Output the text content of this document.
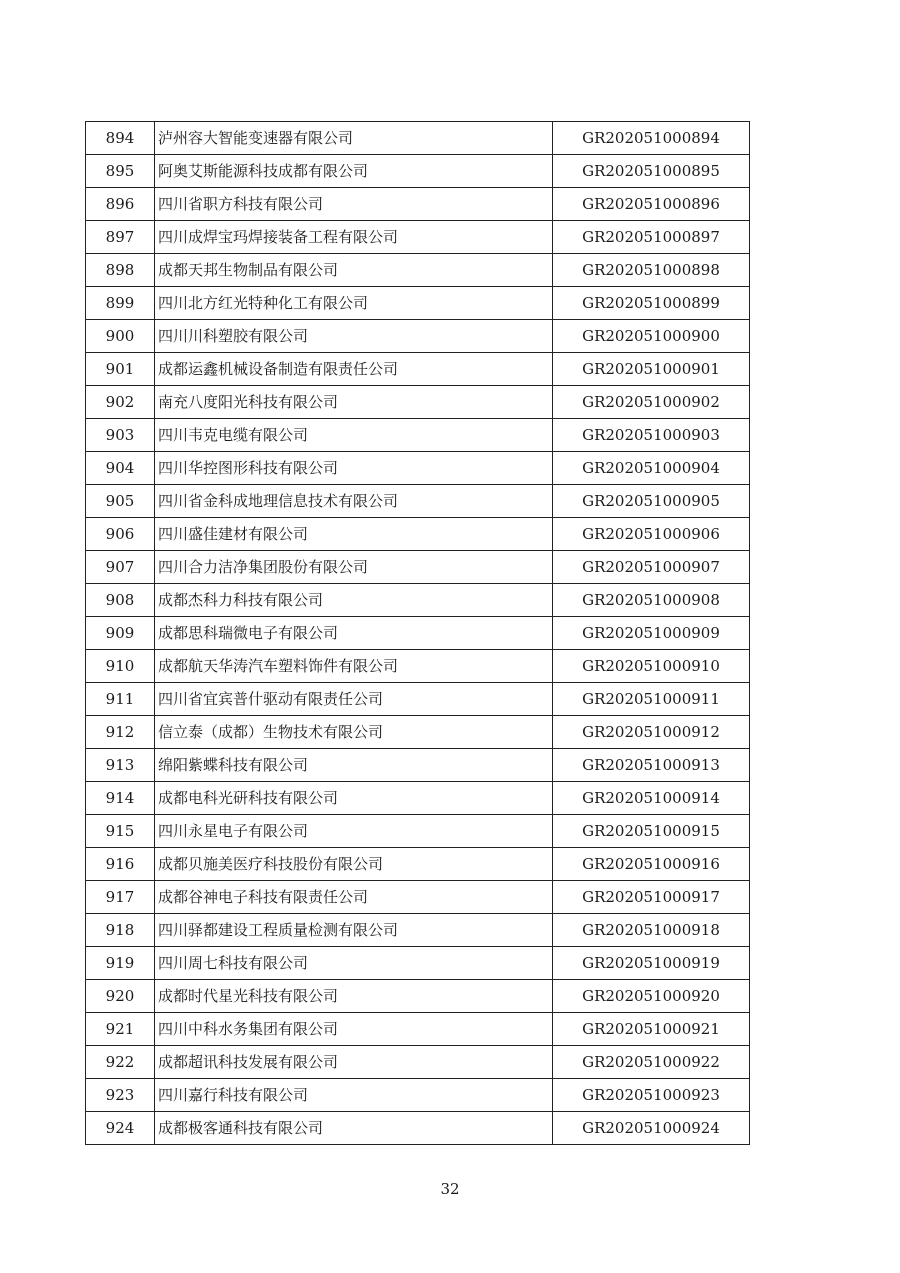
894	泸州容大智能变速器有限公司	GR202051000894
895	阿奥艾斯能源科技成都有限公司	GR202051000895
896	四川省职方科技有限公司	GR202051000896
897	四川成焊宝玛焊接装备工程有限公司	GR202051000897
898	成都天邦生物制品有限公司	GR202051000898
899	四川北方红光特种化工有限公司	GR202051000899
900	四川川科塑胶有限公司	GR202051000900
901	成都运鑫机械设备制造有限责任公司	GR202051000901
902	南充八度阳光科技有限公司	GR202051000902
903	四川韦克电缆有限公司	GR202051000903
904	四川华控图形科技有限公司	GR202051000904
905	四川省金科成地理信息技术有限公司	GR202051000905
906	四川盛佳建材有限公司	GR202051000906
907	四川合力洁净集团股份有限公司	GR202051000907
908	成都杰科力科技有限公司	GR202051000908
909	成都思科瑞微电子有限公司	GR202051000909
910	成都航天华涛汽车塑料饰件有限公司	GR202051000910
911	四川省宜宾普什驱动有限责任公司	GR202051000911
912	信立泰（成都）生物技术有限公司	GR202051000912
913	绵阳紫蝶科技有限公司	GR202051000913
914	成都电科光研科技有限公司	GR202051000914
915	四川永星电子有限公司	GR202051000915
916	成都贝施美医疗科技股份有限公司	GR202051000916
917	成都谷神电子科技有限责任公司	GR202051000917
918	四川驿都建设工程质量检测有限公司	GR202051000918
919	四川周七科技有限公司	GR202051000919
920	成都时代星光科技有限公司	GR202051000920
921	四川中科水务集团有限公司	GR202051000921
922	成都超讯科技发展有限公司	GR202051000922
923	四川嘉行科技有限公司	GR202051000923
924	成都极客通科技有限公司	GR202051000924
32
